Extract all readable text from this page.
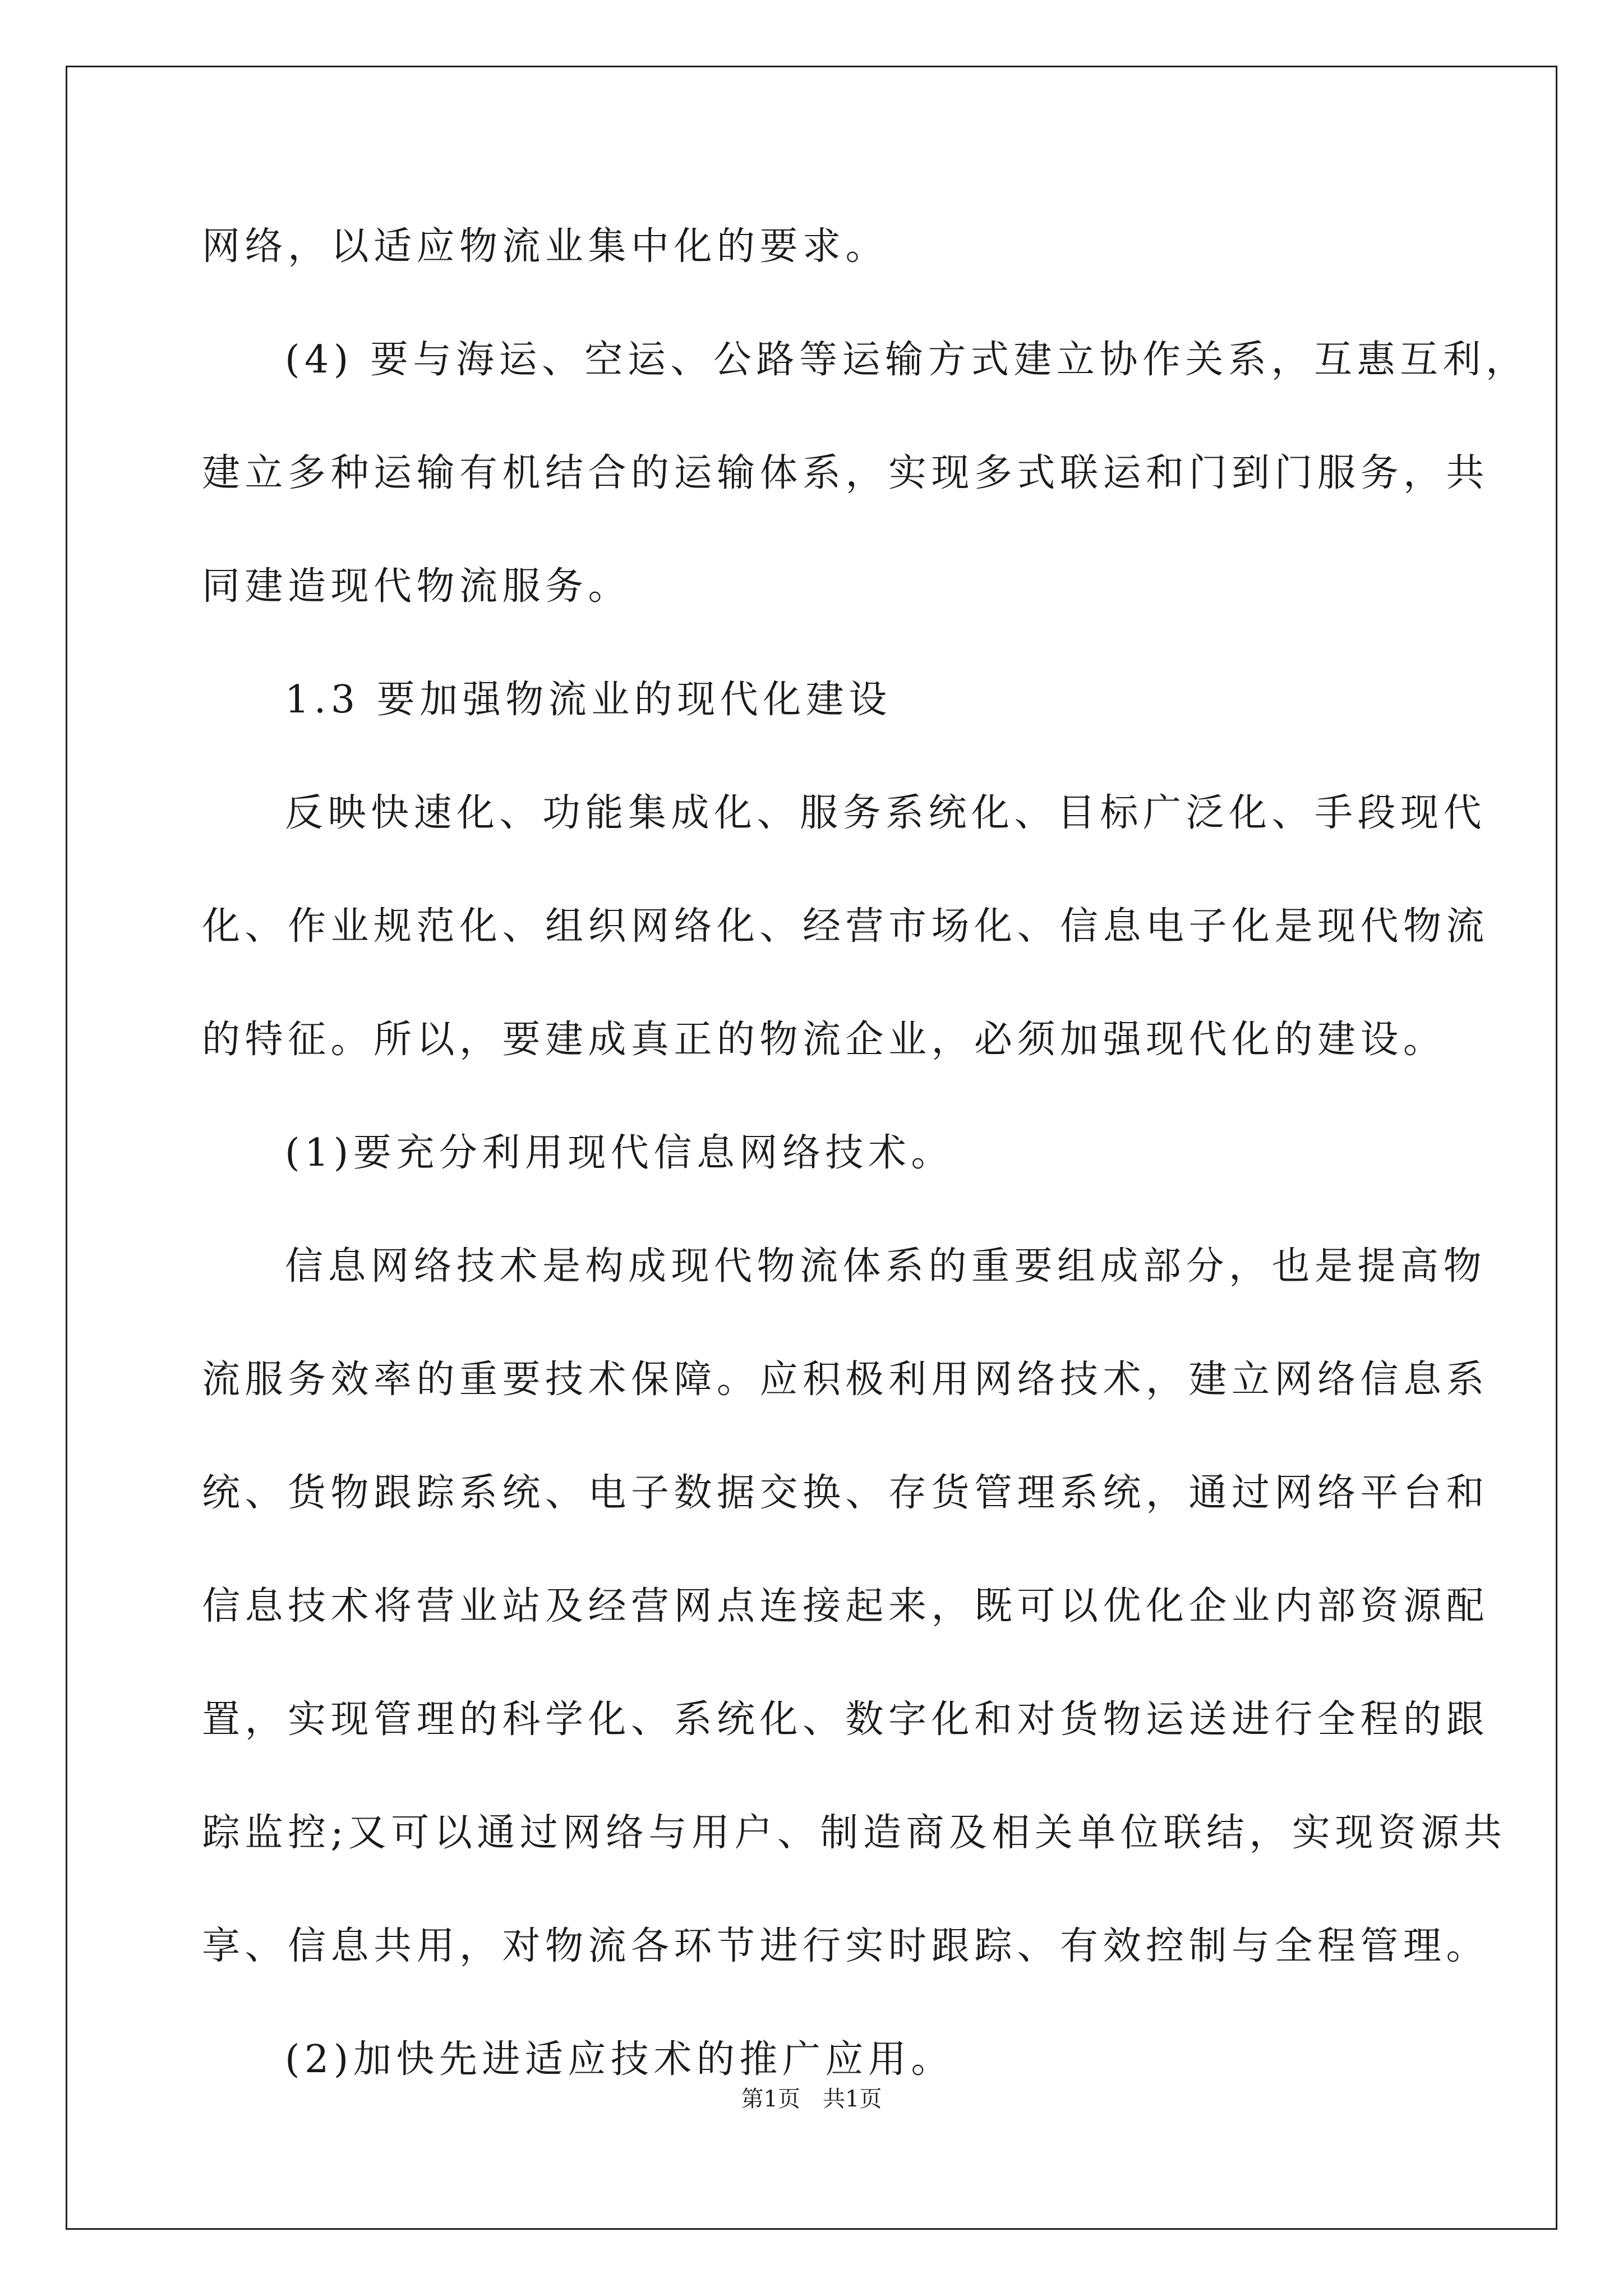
网络，以适应物流业集中化的要求。
(4) 要与海运、空运、公路等运输方式建立协作关系，互惠互利，
建立多种运输有机结合的运输体系，实现多式联运和门到门服务，共
同建造现代物流服务。
1.3 要加强物流业的现代化建设
反映快速化、功能集成化、服务系统化、目标广泛化、手段现代
化、作业规范化、组织网络化、经营市场化、信息电子化是现代物流
的特征。所以，要建成真正的物流企业，必须加强现代化的建设。
(1)要充分利用现代信息网络技术。
信息网络技术是构成现代物流体系的重要组成部分，也是提高物
流服务效率的重要技术保障。应积极利用网络技术，建立网络信息系
统、货物跟踪系统、电子数据交换、存货管理系统，通过网络平台和
信息技术将营业站及经营网点连接起来，既可以优化企业内部资源配
置，实现管理的科学化、系统化、数字化和对货物运送进行全程的跟
踪监控;又可以通过网络与用户、制造商及相关单位联结，实现资源共
享、信息共用，对物流各环节进行实时跟踪、有效控制与全程管理。
(2)加快先进适应技术的推广应用。
第1页　共1页
